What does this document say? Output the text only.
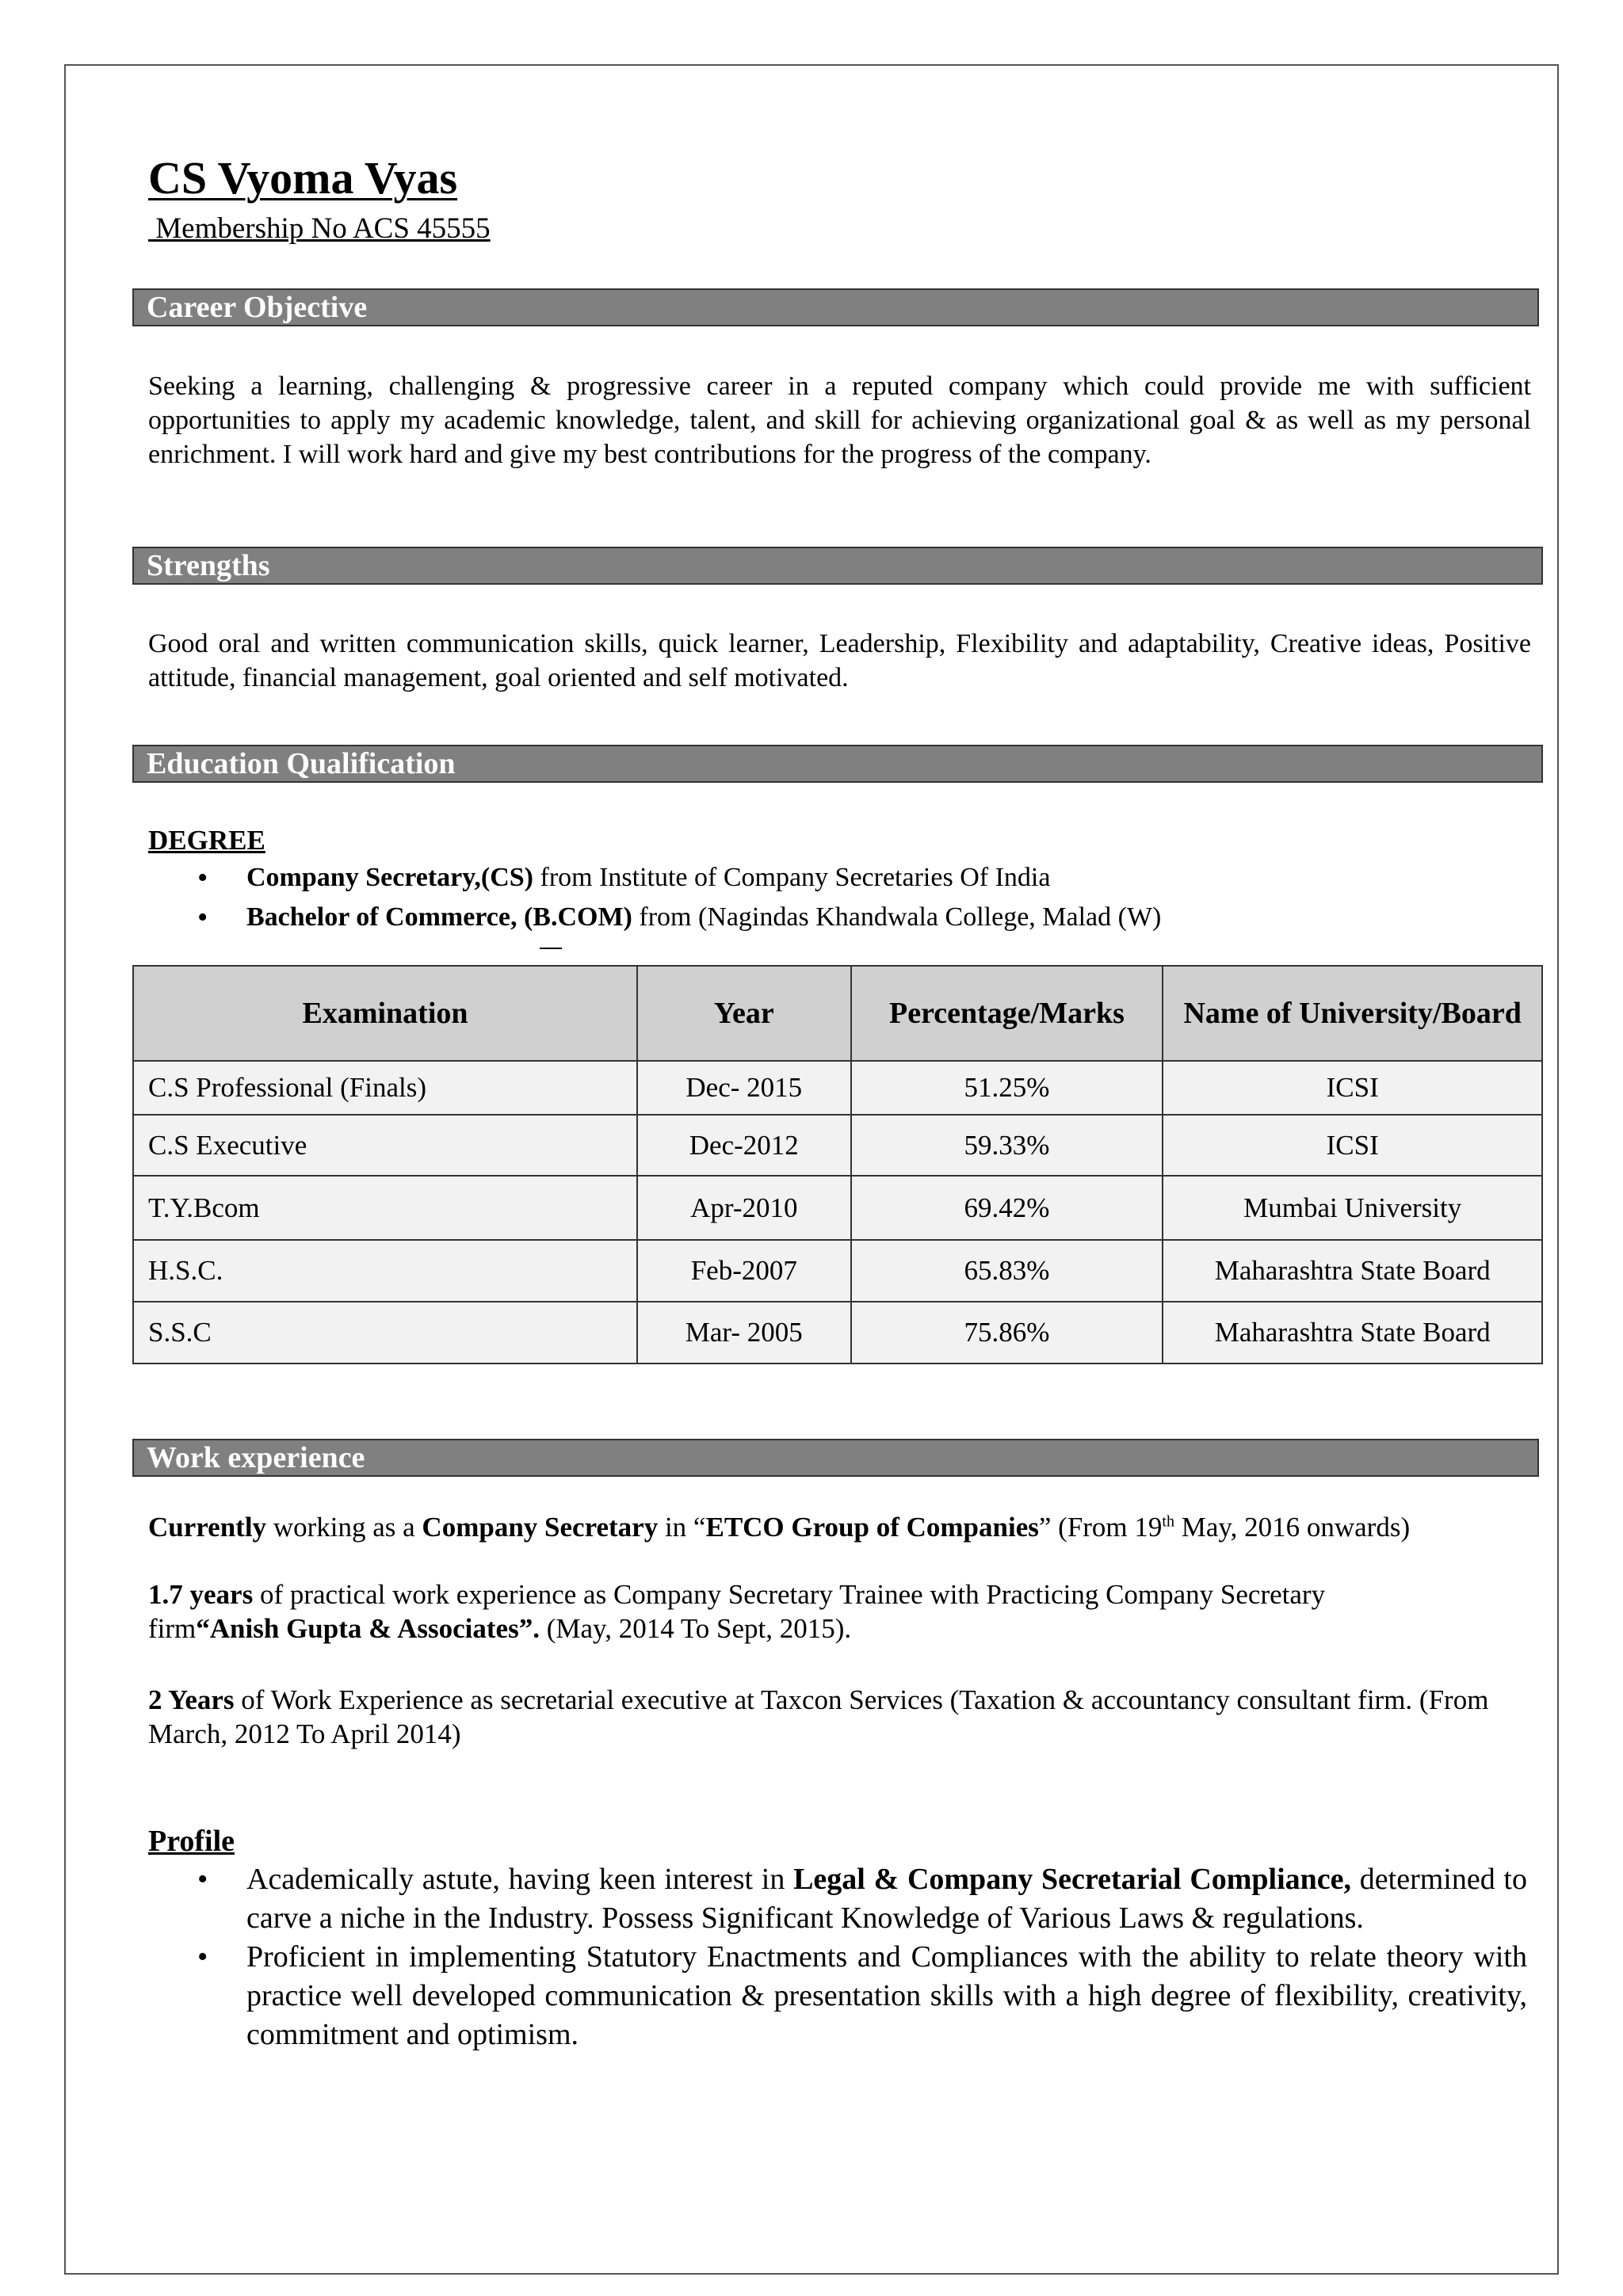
CS Vyoma Vyas
Membership No ACS 45555
Career Objective
Seeking a learning, challenging & progressive career in a reputed company which could provide me with sufficient opportunities to apply my academic knowledge, talent, and skill for achieving organizational goal & as well as my personal enrichment. I will work hard and give my best contributions for the progress of the company.
Strengths
Good oral and written communication skills, quick learner, Leadership, Flexibility and adaptability, Creative ideas, Positive attitude, financial management, goal oriented and self motivated.
Education Qualification
DEGREE
• Company Secretary,(CS) from Institute of Company Secretaries Of India
• Bachelor of Commerce, (B.COM) from (Nagindas Khandwala College, Malad (W)
Examination	Year	Percentage/Marks	Name of University/Board
C.S Professional (Finals)	Dec- 2015	51.25%	ICSI
C.S Executive	Dec-2012	59.33%	ICSI
T.Y.Bcom	Apr-2010	69.42%	Mumbai University
H.S.C.	Feb-2007	65.83%	Maharashtra State Board
S.S.C	Mar- 2005	75.86%	Maharashtra State Board
Work experience
Currently working as a Company Secretary in “ETCO Group of Companies” (From 19th May, 2016 onwards)
1.7 years of practical work experience as Company Secretary Trainee with Practicing Company Secretary firm“Anish Gupta & Associates”. (May, 2014 To Sept, 2015).
2 Years of Work Experience as secretarial executive at Taxcon Services (Taxation & accountancy consultant firm. (From March, 2012 To April 2014)
Profile
• Academically astute, having keen interest in Legal & Company Secretarial Compliance, determined to carve a niche in the Industry. Possess Significant Knowledge of Various Laws & regulations.
• Proficient in implementing Statutory Enactments and Compliances with the ability to relate theory with practice well developed communication & presentation skills with a high degree of flexibility, creativity, commitment and optimism.
